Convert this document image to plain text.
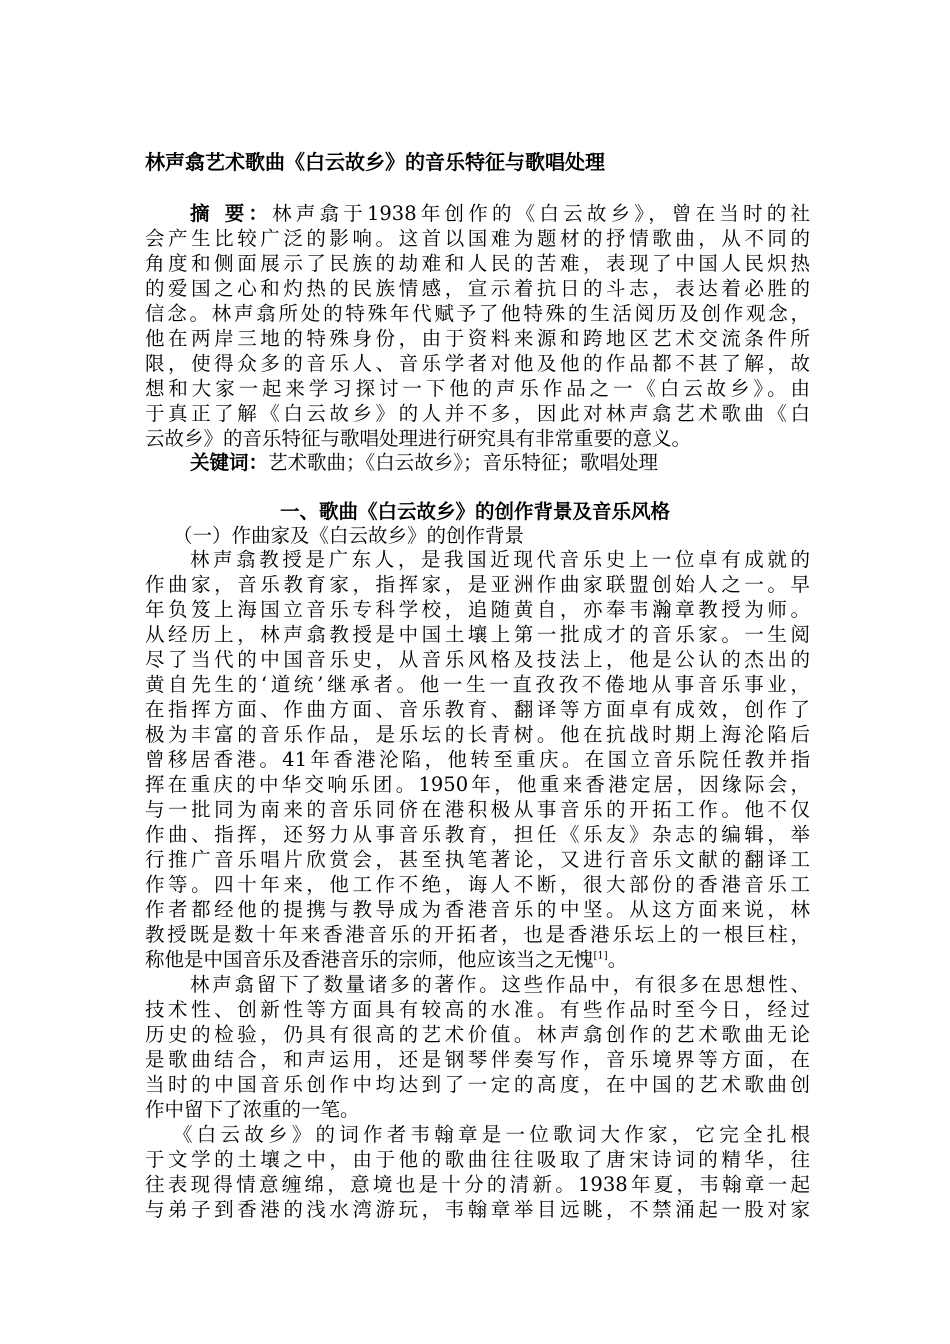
林声翕艺术歌曲《白云故乡》的音乐特征与歌唱处理
摘 要：林声翕于1938年创作的《白云故乡》，曾在当时的社
会产生比较广泛的影响。这首以国难为题材的抒情歌曲，从不同的
角度和侧面展示了民族的劫难和人民的苦难，表现了中国人民炽热
的爱国之心和灼热的民族情感，宣示着抗日的斗志，表达着必胜的
信念。林声翕所处的特殊年代赋予了他特殊的生活阅历及创作观念，
他在两岸三地的特殊身份，由于资料来源和跨地区艺术交流条件所
限，使得众多的音乐人、音乐学者对他及他的作品都不甚了解，故
想和大家一起来学习探讨一下他的声乐作品之一《白云故乡》。由
于真正了解《白云故乡》的人并不多，因此对林声翕艺术歌曲《白
云故乡》的音乐特征与歌唱处理进行研究具有非常重要的意义。
关键词：艺术歌曲；《白云故乡》；音乐特征；歌唱处理
一、歌曲《白云故乡》的创作背景及音乐风格
（一）作曲家及《白云故乡》的创作背景
林声翕教授是广东人，是我国近现代音乐史上一位卓有成就的
作曲家，音乐教育家，指挥家，是亚洲作曲家联盟创始人之一。早
年负笈上海国立音乐专科学校，追随黄自，亦奉韦瀚章教授为师。
从经历上，林声翕教授是中国土壤上第一批成才的音乐家。一生阅
尽了当代的中国音乐史，从音乐风格及技法上，他是公认的杰出的
黄自先生的‘道统’继承者。他一生一直孜孜不倦地从事音乐事业，
在指挥方面、作曲方面、音乐教育、翻译等方面卓有成效，创作了
极为丰富的音乐作品，是乐坛的长青树。他在抗战时期上海沦陷后
曾移居香港。41年香港沦陷，他转至重庆。在国立音乐院任教并指
挥在重庆的中华交响乐团。1950年，他重来香港定居，因缘际会，
与一批同为南来的音乐同侪在港积极从事音乐的开拓工作。他不仅
作曲、指挥，还努力从事音乐教育，担任《乐友》杂志的编辑，举
行推广音乐唱片欣赏会，甚至执笔著论，又进行音乐文献的翻译工
作等。四十年来，他工作不绝，诲人不断，很大部份的香港音乐工
作者都经他的提携与教导成为香港音乐的中坚。从这方面来说，林
教授既是数十年来香港音乐的开拓者，也是香港乐坛上的一根巨柱，
称他是中国音乐及香港音乐的宗师，他应该当之无愧[1]。
林声翕留下了数量诸多的著作。这些作品中，有很多在思想性、
技术性、创新性等方面具有较高的水准。有些作品时至今日，经过
历史的检验，仍具有很高的艺术价值。林声翕创作的艺术歌曲无论
是歌曲结合，和声运用，还是钢琴伴奏写作，音乐境界等方面，在
当时的中国音乐创作中均达到了一定的高度，在中国的艺术歌曲创
作中留下了浓重的一笔。
《白云故乡》的词作者韦翰章是一位歌词大作家，它完全扎根
于文学的土壤之中，由于他的歌曲往往吸取了唐宋诗词的精华，往
往表现得情意缠绵，意境也是十分的清新。1938年夏，韦翰章一起
与弟子到香港的浅水湾游玩，韦翰章举目远眺，不禁涌起一股对家
